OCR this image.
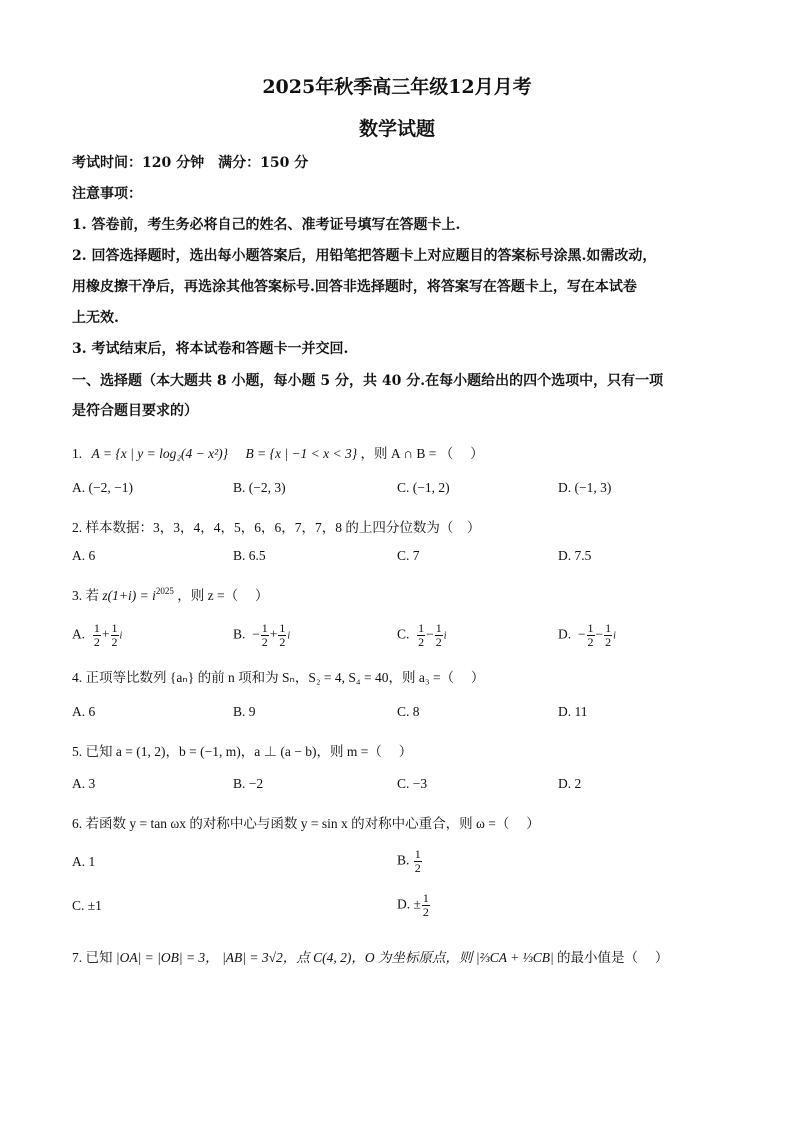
2025年秋季高三年级12月月考
数学试题
考试时间：120 分钟　满分：150 分
注意事项：
1. 答卷前，考生务必将自己的姓名、准考证号填写在答题卡上.
2. 回答选择题时，选出每小题答案后，用铅笔把答题卡上对应题目的答案标号涂黑.如需改动，
用橡皮擦干净后，再选涂其他答案标号.回答非选择题时，将答案写在答题卡上，写在本试卷
上无效.
3. 考试结束后，将本试卷和答题卡一并交回.
一、选择题（本大题共 8 小题，每小题 5 分，共 40 分.在每小题给出的四个选项中，只有一项
是符合题目要求的）
1. A = {x | y = log₂(4 − x²)} B = {x | −1 < x < 3} ，则 A ∩ B = （　 ）
A. (−2, −1)	B. (−2, 3)	C. (−1, 2)	D. (−1, 3)
2. 样本数据：3，3，4，4，5，6，6，7，7，8 的上四分位数为（　）
A. 6	B. 6.5	C. 7	D. 7.5
3. 若 $z(1+i) = i^{2025}$ ，则 z =（　 ）
A. $\frac{1}{2} + \frac{1}{2}$ i	B.  − $\frac{1}{2} + \frac{1}{2}$ i	C. $\frac{1}{2} - \frac{1}{2}$ i	D.  − $\frac{1}{2} - \frac{1}{2}$ i
4. 正项等比数列 {aₙ} 的前 n 项和为 Sₙ，S₂ = 4, S₄ = 40，则 a₃ =（　 ）
A. 6	B. 9	C. 8	D. 11
5. 已知 a = (1, 2)，b = (−1, m)，a ⊥ (a − b)，则 m =（　 ）
A. 3	B. −2	C. −3	D. 2
6. 若函数 y = tan ωx 的对称中心与函数 y = sin x 的对称中心重合，则 ω =（　 ）
A. 1	B. $\frac{1}{2}$
C. ±1	D. ± $\frac{1}{2}$
7. 已知 |OA| = |OB| = 3， |AB| = 3√2，点 C(4, 2)，O 为坐标原点，则 |⅔CA + ⅓CB| 的最小值是（　 ）
